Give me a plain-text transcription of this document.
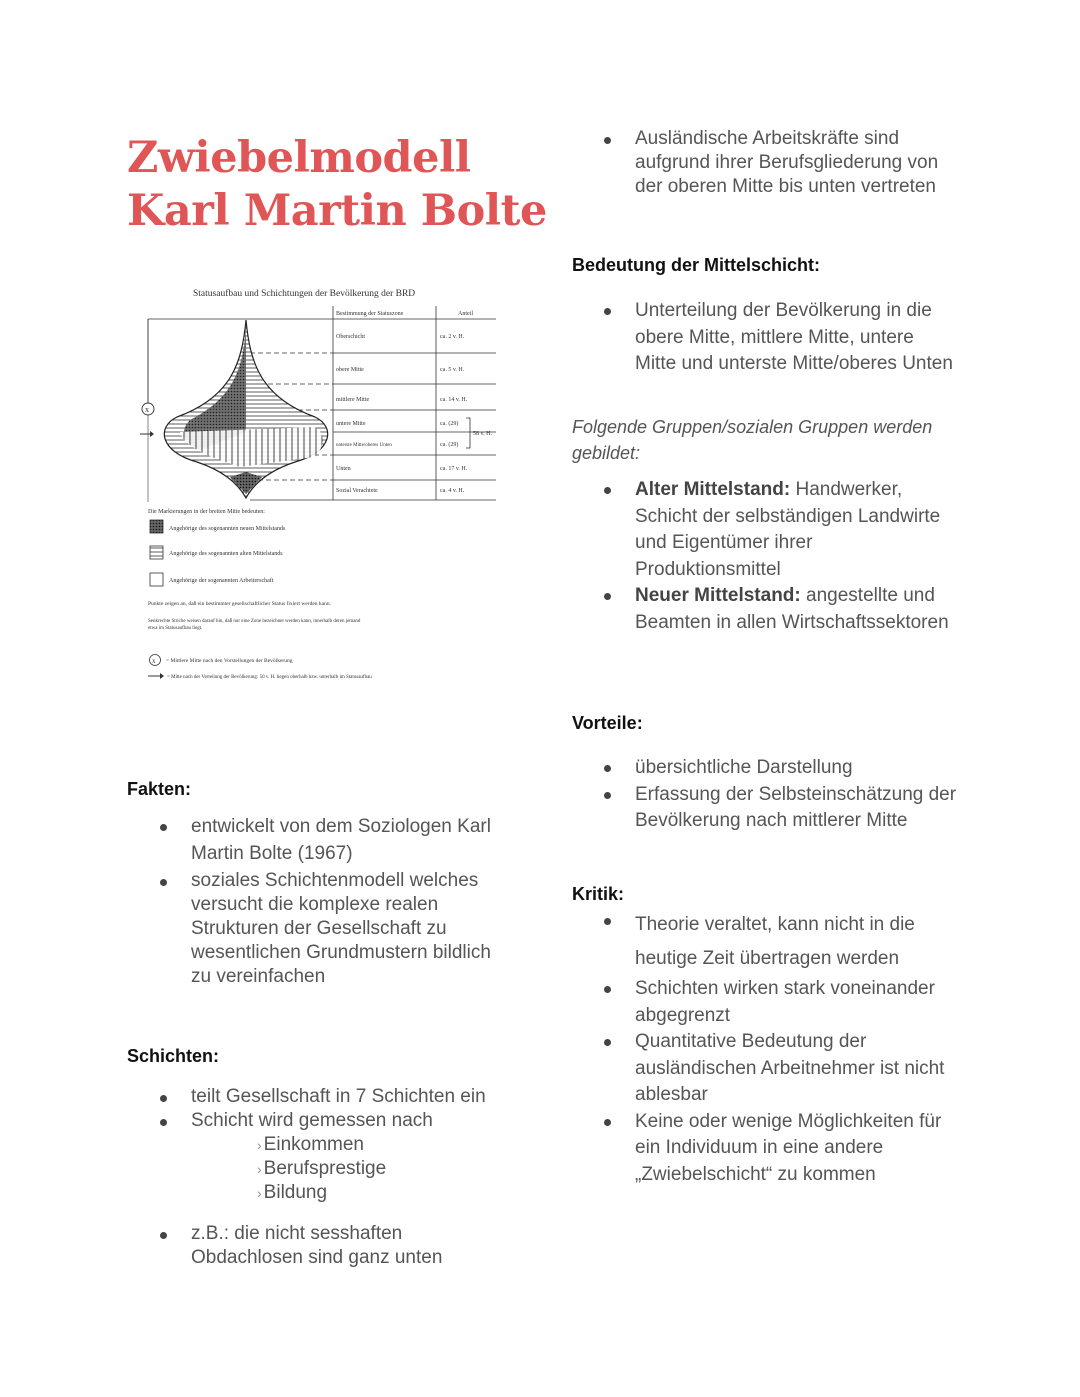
Zwiebelmodell
Karl Martin Bolte
Statusaufbau und Schichtungen der Bevölkerung der BRD
Bestimmung der Statuszone	Anteil
Oberschicht	ca. 2 v. H.
obere Mitte	ca. 5 v. H.
mittlere Mitte	ca. 14 v. H.
untere Mitte	ca. (29)
unterste Mitte/oberes Unten	ca. (29)
Unten	ca. 17 v. H.
Sozial Verachtete	ca. 4 v. H.
58 v. H.
x
Die Markierungen in der breiten Mitte bedeuten:
Angehörige des sogenannten neuen Mittelstands
Angehörige des sogenannten alten Mittelstands
Angehörige der sogenannten Arbeiterschaft
Punkte zeigen an, daß ein bestimmter gesellschaftlicher Status fixiert werden kann.
Senkrechte Striche weisen darauf hin, daß nur eine Zone bezeichnet werden kann, innerhalb deren jemand
etwa im Statusaufbau liegt.
x = Mittlere Mitte nach den Vorstellungen der Bevölkerung
= Mitte nach der Verteilung der Bevölkerung: 50 v. H. liegen oberhalb bzw. unterhalb im Statusaufbau
Fakten:
entwickelt von dem Soziologen Karl Martin Bolte (1967)
soziales Schichtenmodell welches versucht die komplexe realen Strukturen der Gesellschaft zu wesentlichen Grundmustern bildlich zu vereinfachen
Schichten:
teilt Gesellschaft in 7 Schichten ein
Schicht wird gemessen nach
› Einkommen
› Berufsprestige
› Bildung
z.B.: die nicht sesshaften Obdachlosen sind ganz unten
Ausländische Arbeitskräfte sind aufgrund ihrer Berufsgliederung von der oberen Mitte bis unten vertreten
Bedeutung der Mittelschicht:
Unterteilung der Bevölkerung in die obere Mitte, mittlere Mitte, untere Mitte und unterste Mitte/oberes Unten

Folgende Gruppen/sozialen Gruppen werden gebildet:

Alter Mittelstand: Handwerker, Schicht der selbständigen Landwirte und Eigentümer ihrer Produktionsmittel
Neuer Mittelstand: angestellte und Beamten in allen Wirtschaftssektoren
Vorteile:
übersichtliche Darstellung
Erfassung der Selbsteinschätzung der Bevölkerung nach mittlerer Mitte
Kritik:
Theorie veraltet, kann nicht in die
heutige Zeit übertragen werden
Schichten wirken stark voneinander abgegrenzt
Quantitative Bedeutung der ausländischen Arbeitnehmer ist nicht ablesbar
Keine oder wenige Möglichkeiten für ein Individuum in eine andere „Zwiebelschicht“ zu kommen
